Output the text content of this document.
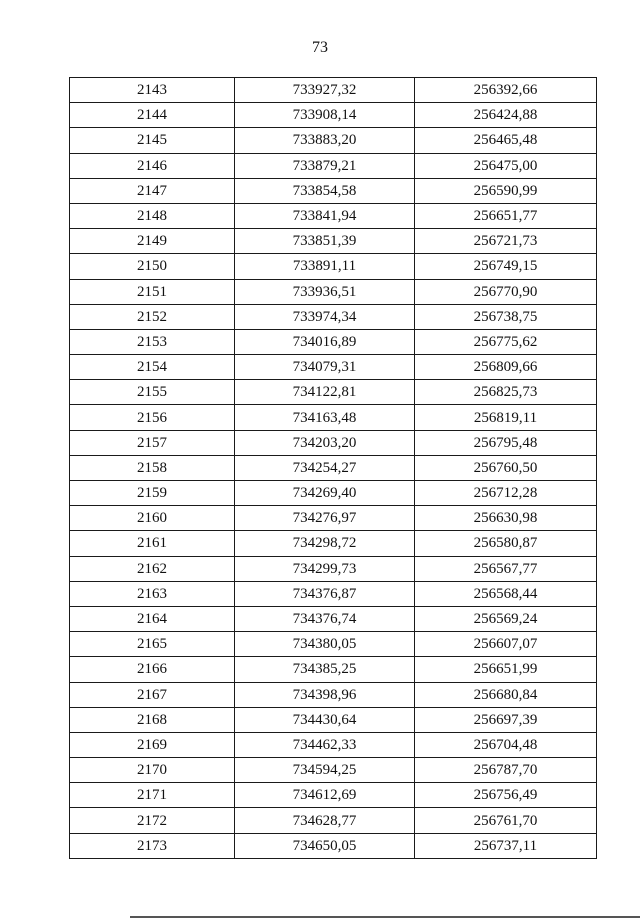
73
2143	733927,32	256392,66
2144	733908,14	256424,88
2145	733883,20	256465,48
2146	733879,21	256475,00
2147	733854,58	256590,99
2148	733841,94	256651,77
2149	733851,39	256721,73
2150	733891,11	256749,15
2151	733936,51	256770,90
2152	733974,34	256738,75
2153	734016,89	256775,62
2154	734079,31	256809,66
2155	734122,81	256825,73
2156	734163,48	256819,11
2157	734203,20	256795,48
2158	734254,27	256760,50
2159	734269,40	256712,28
2160	734276,97	256630,98
2161	734298,72	256580,87
2162	734299,73	256567,77
2163	734376,87	256568,44
2164	734376,74	256569,24
2165	734380,05	256607,07
2166	734385,25	256651,99
2167	734398,96	256680,84
2168	734430,64	256697,39
2169	734462,33	256704,48
2170	734594,25	256787,70
2171	734612,69	256756,49
2172	734628,77	256761,70
2173	734650,05	256737,11
